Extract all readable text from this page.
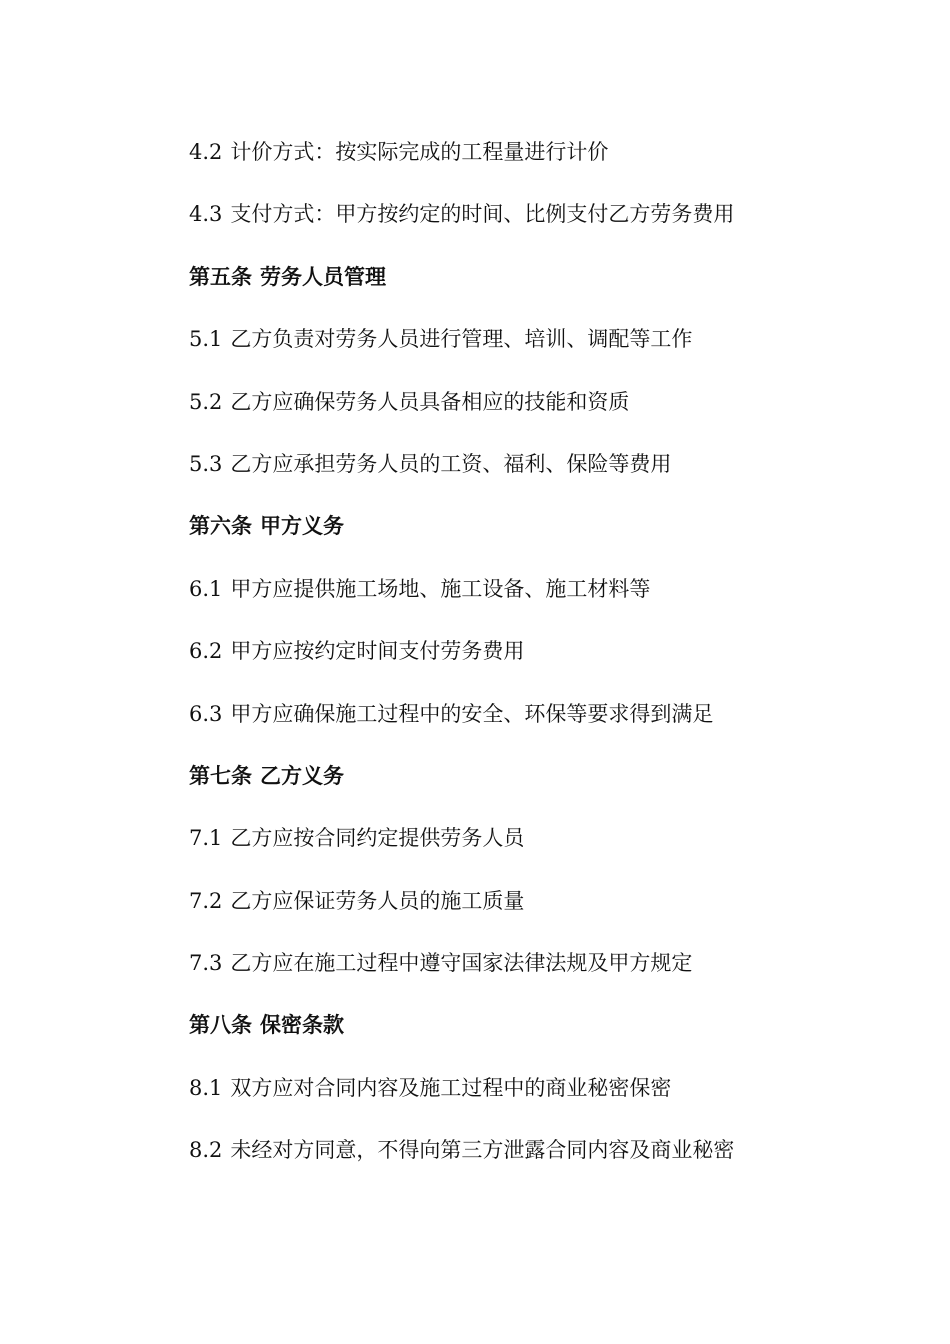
4.2 计价方式：按实际完成的工程量进行计价
4.3 支付方式：甲方按约定的时间、比例支付乙方劳务费用
第五条 劳务人员管理
5.1 乙方负责对劳务人员进行管理、培训、调配等工作
5.2 乙方应确保劳务人员具备相应的技能和资质
5.3 乙方应承担劳务人员的工资、福利、保险等费用
第六条 甲方义务
6.1 甲方应提供施工场地、施工设备、施工材料等
6.2 甲方应按约定时间支付劳务费用
6.3 甲方应确保施工过程中的安全、环保等要求得到满足
第七条 乙方义务
7.1 乙方应按合同约定提供劳务人员
7.2 乙方应保证劳务人员的施工质量
7.3 乙方应在施工过程中遵守国家法律法规及甲方规定
第八条 保密条款
8.1 双方应对合同内容及施工过程中的商业秘密保密
8.2 未经对方同意，不得向第三方泄露合同内容及商业秘密
